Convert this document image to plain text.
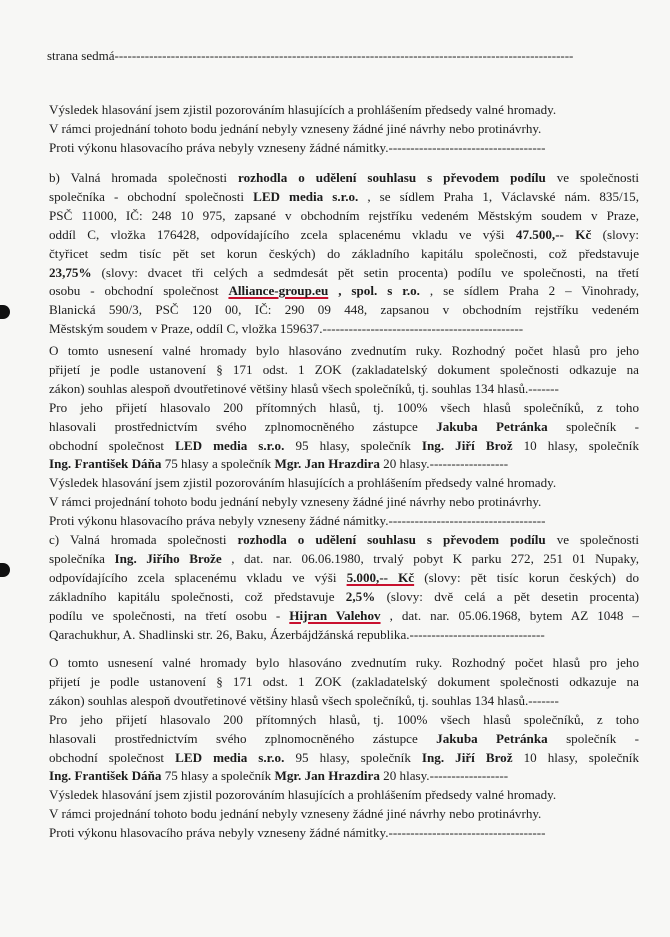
strana sedmá----------------------------------------------------------------------------------------------------------
Výsledek hlasování jsem zjistil pozorováním hlasujících a prohlášením předsedy valné hromady.
V rámci projednání tohoto bodu jednání nebyly vzneseny žádné jiné návrhy nebo protinávrhy.
Proti výkonu hlasovacího práva nebyly vzneseny žádné námitky.------------------------------------
b) Valná hromada společnosti rozhodla o udělení souhlasu s převodem podílu ve společnosti
společníka - obchodní společnosti LED media s.r.o. , se sídlem Praha 1, Václavské nám. 835/15,
PSČ 11000, IČ: 248 10 975, zapsané v obchodním rejstříku vedeném Městským soudem v Praze,
oddíl C, vložka 176428, odpovídajícího zcela splacenému vkladu ve výši 47.500,-- Kč (slovy:
čtyřicet sedm tisíc pět set korun českých) do základního kapitálu společnosti, což představuje
23,75% (slovy: dvacet tři celých a sedmdesát pět setin procenta) podílu ve společnosti, na třetí
osobu - obchodní společnost Alliance-group.eu , spol. s r.o. , se sídlem Praha 2 – Vinohrady,
Blanická 590/3, PSČ 120 00, IČ: 290 09 448, zapsanou v obchodním rejstříku vedeném
Městským soudem v Praze, oddíl C, vložka 159637.----------------------------------------------
O tomto usnesení valné hromady bylo hlasováno zvednutím ruky. Rozhodný počet hlasů pro jeho
přijetí je podle ustanovení § 171 odst. 1 ZOK (zakladatelský dokument společnosti odkazuje na
zákon) souhlas alespoň dvoutřetinové většiny hlasů všech společníků, tj. souhlas 134 hlasů.-------
Pro jeho přijetí hlasovalo 200 přítomných hlasů, tj. 100% všech hlasů společníků, z toho
hlasovali prostřednictvím svého zplnomocněného zástupce Jakuba Petránka společník -
obchodní společnost LED media s.r.o. 95 hlasy, společník Ing. Jiří Brož 10 hlasy, společník
Ing. František Dáňa 75 hlasy a společník Mgr. Jan Hrazdira 20 hlasy.------------------
Výsledek hlasování jsem zjistil pozorováním hlasujících a prohlášením předsedy valné hromady.
V rámci projednání tohoto bodu jednání nebyly vzneseny žádné jiné návrhy nebo protinávrhy.
Proti výkonu hlasovacího práva nebyly vzneseny žádné námitky.------------------------------------
c) Valná hromada společnosti rozhodla o udělení souhlasu s převodem podílu ve společnosti
společníka Ing. Jiřího Brože , dat. nar. 06.06.1980, trvalý pobyt K parku 272, 251 01 Nupaky,
odpovídajícího zcela splacenému vkladu ve výši 5.000,-- Kč (slovy: pět tisíc korun českých) do
základního kapitálu společnosti, což představuje 2,5% (slovy: dvě celá a pět desetin procenta)
podílu ve společnosti, na třetí osobu - Hijran Valehov , dat. nar. 05.06.1968, bytem AZ 1048 –
Qarachukhur, A. Shadlinski str. 26, Baku, Ázerbájdžánská republika.-------------------------------
O tomto usnesení valné hromady bylo hlasováno zvednutím ruky. Rozhodný počet hlasů pro jeho
přijetí je podle ustanovení § 171 odst. 1 ZOK (zakladatelský dokument společnosti odkazuje na
zákon) souhlas alespoň dvoutřetinové většiny hlasů všech společníků, tj. souhlas 134 hlasů.-------
Pro jeho přijetí hlasovalo 200 přítomných hlasů, tj. 100% všech hlasů společníků, z toho
hlasovali prostřednictvím svého zplnomocněného zástupce Jakuba Petránka společník -
obchodní společnost LED media s.r.o. 95 hlasy, společník Ing. Jiří Brož 10 hlasy, společník
Ing. František Dáňa 75 hlasy a společník Mgr. Jan Hrazdira 20 hlasy.------------------
Výsledek hlasování jsem zjistil pozorováním hlasujících a prohlášením předsedy valné hromady.
V rámci projednání tohoto bodu jednání nebyly vzneseny žádné jiné návrhy nebo protinávrhy.
Proti výkonu hlasovacího práva nebyly vzneseny žádné námitky.------------------------------------
